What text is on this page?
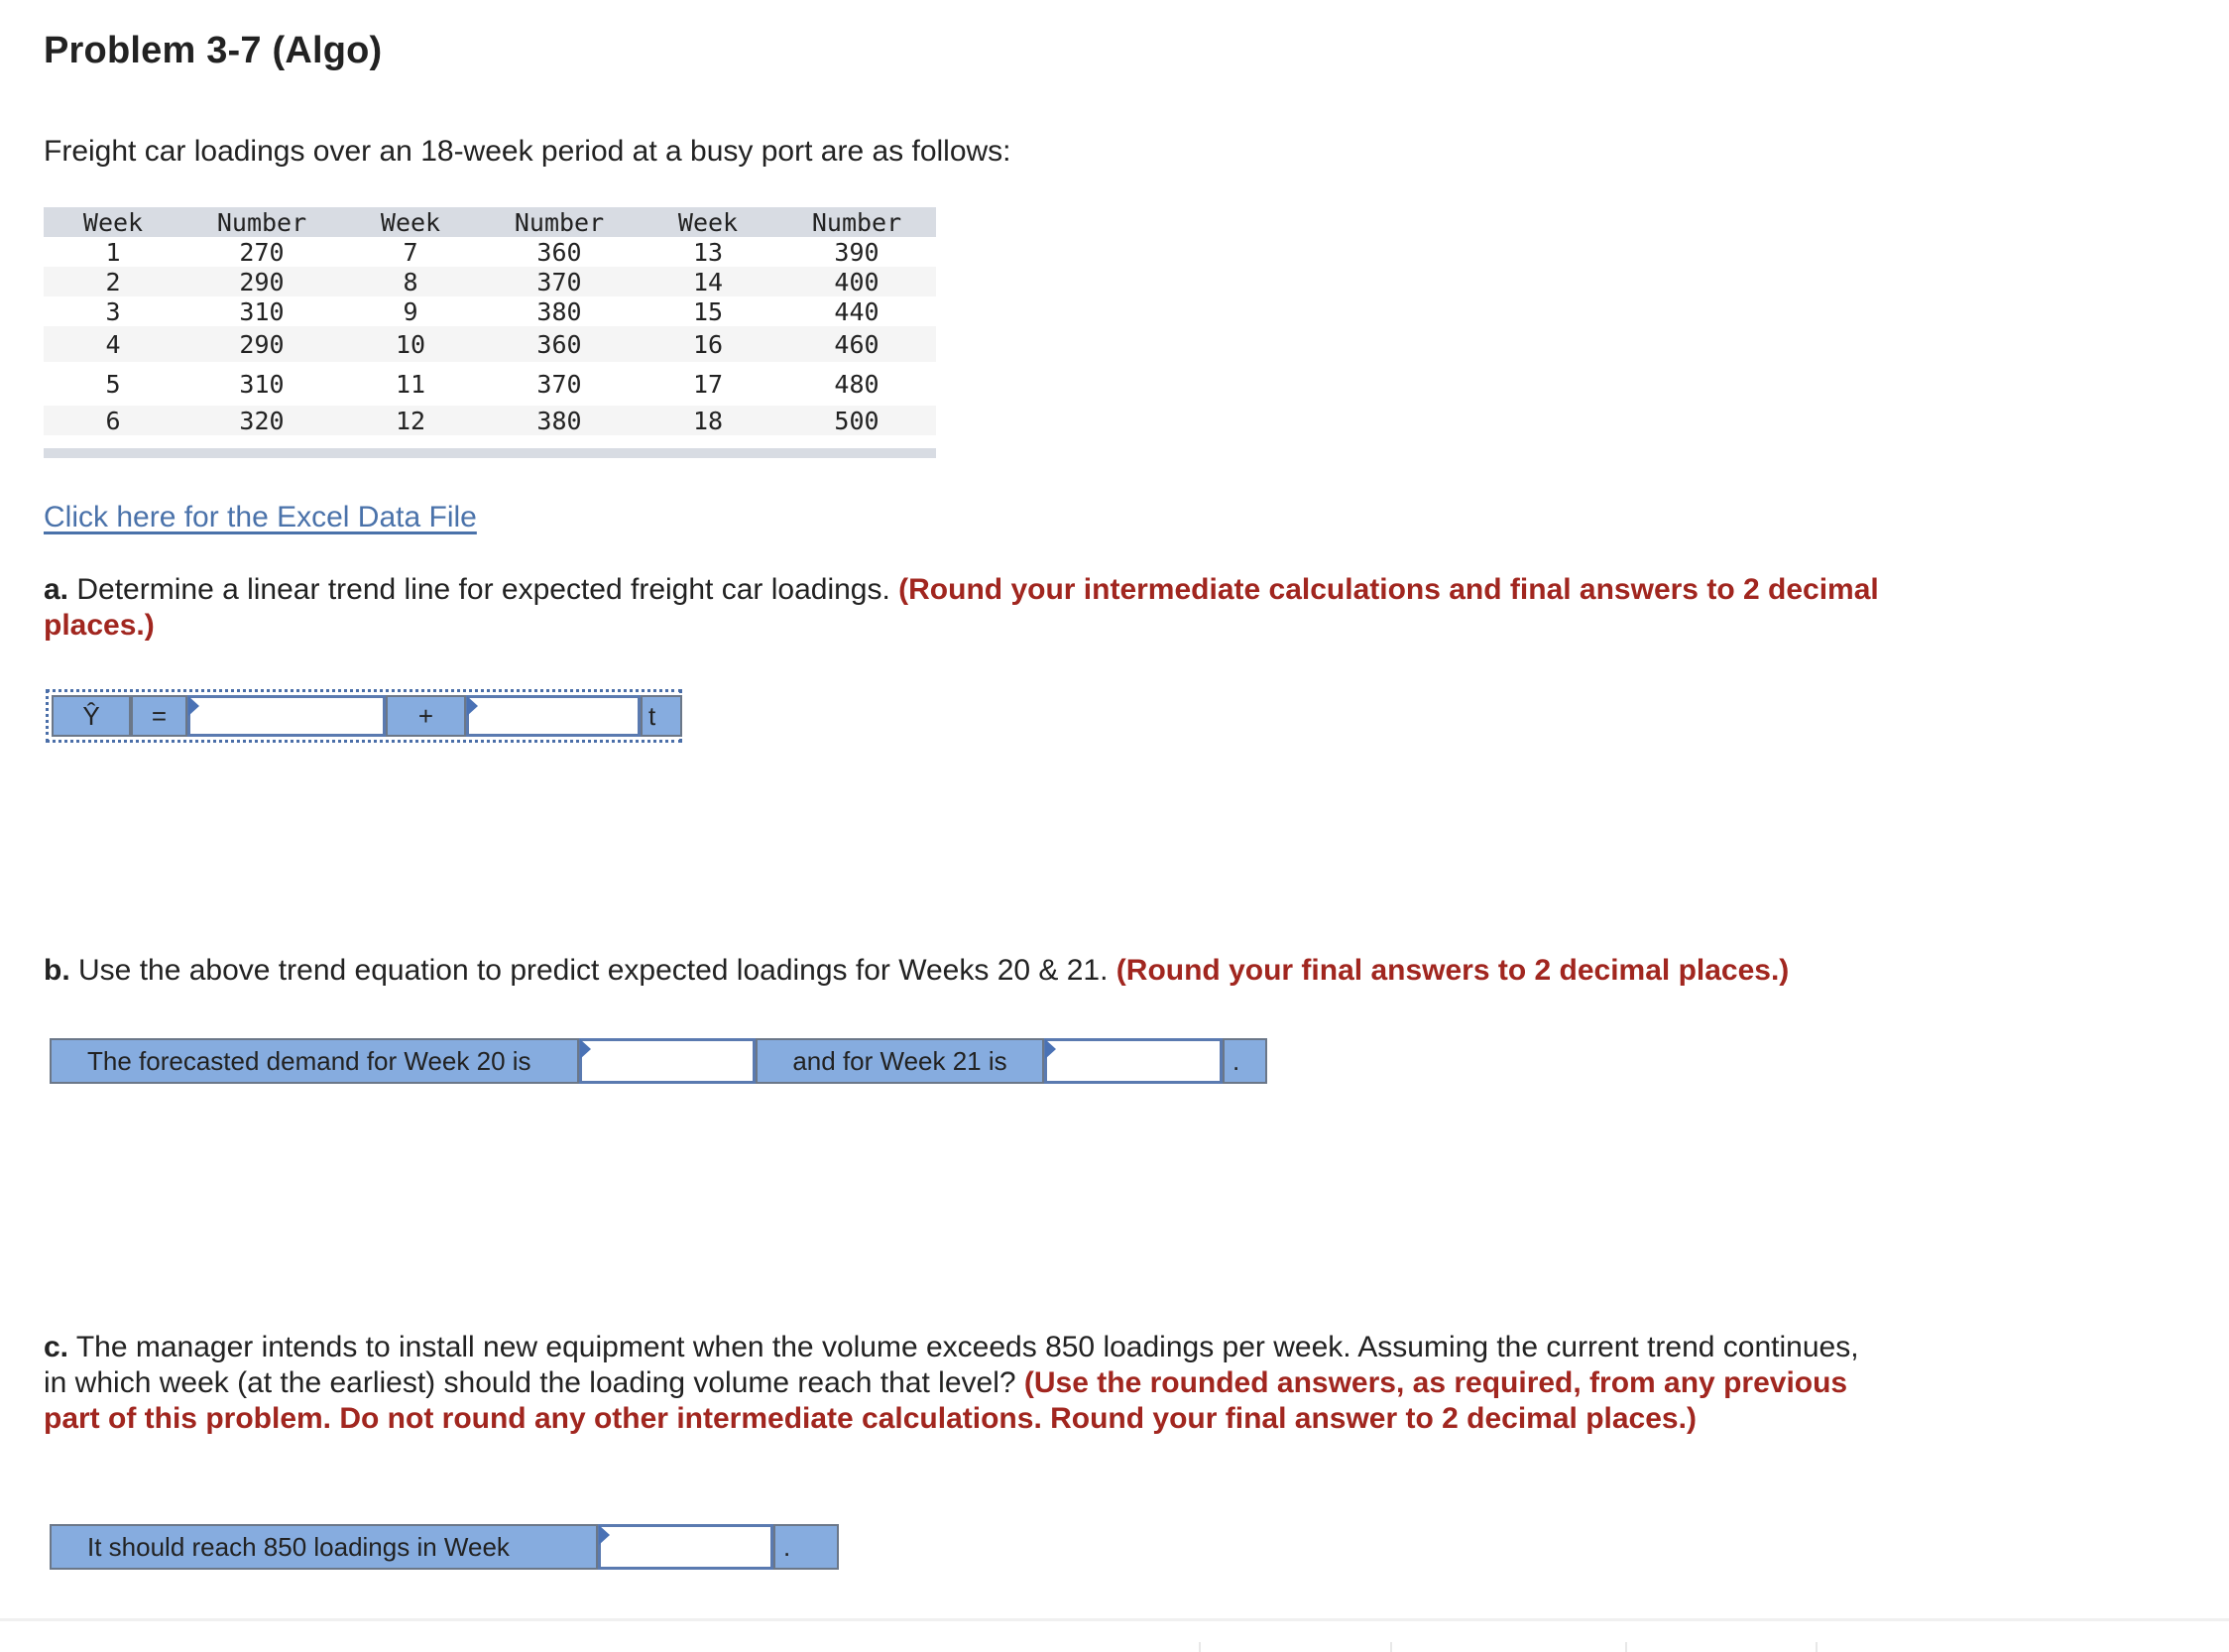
Problem 3-7 (Algo)
Freight car loadings over an 18-week period at a busy port are as follows:
Week	Number	Week	Number	Week	Number
1	270	7	360	13	390
2	290	8	370	14	400
3	310	9	380	15	440
4	290	10	360	16	460
5	310	11	370	17	480
6	320	12	380	18	500
Click here for the Excel Data File
a. Determine a linear trend line for expected freight car loadings. (Round your intermediate calculations and final answers to 2 decimal places.)
Ŷ	=	+	t
b. Use the above trend equation to predict expected loadings for Weeks 20 & 21. (Round your final answers to 2 decimal places.)
The forecasted demand for Week 20 is	and for Week 21 is	.
c. The manager intends to install new equipment when the volume exceeds 850 loadings per week. Assuming the current trend continues, in which week (at the earliest) should the loading volume reach that level? (Use the rounded answers, as required, from any previous part of this problem. Do not round any other intermediate calculations. Round your final answer to 2 decimal places.)
It should reach 850 loadings in Week	.
